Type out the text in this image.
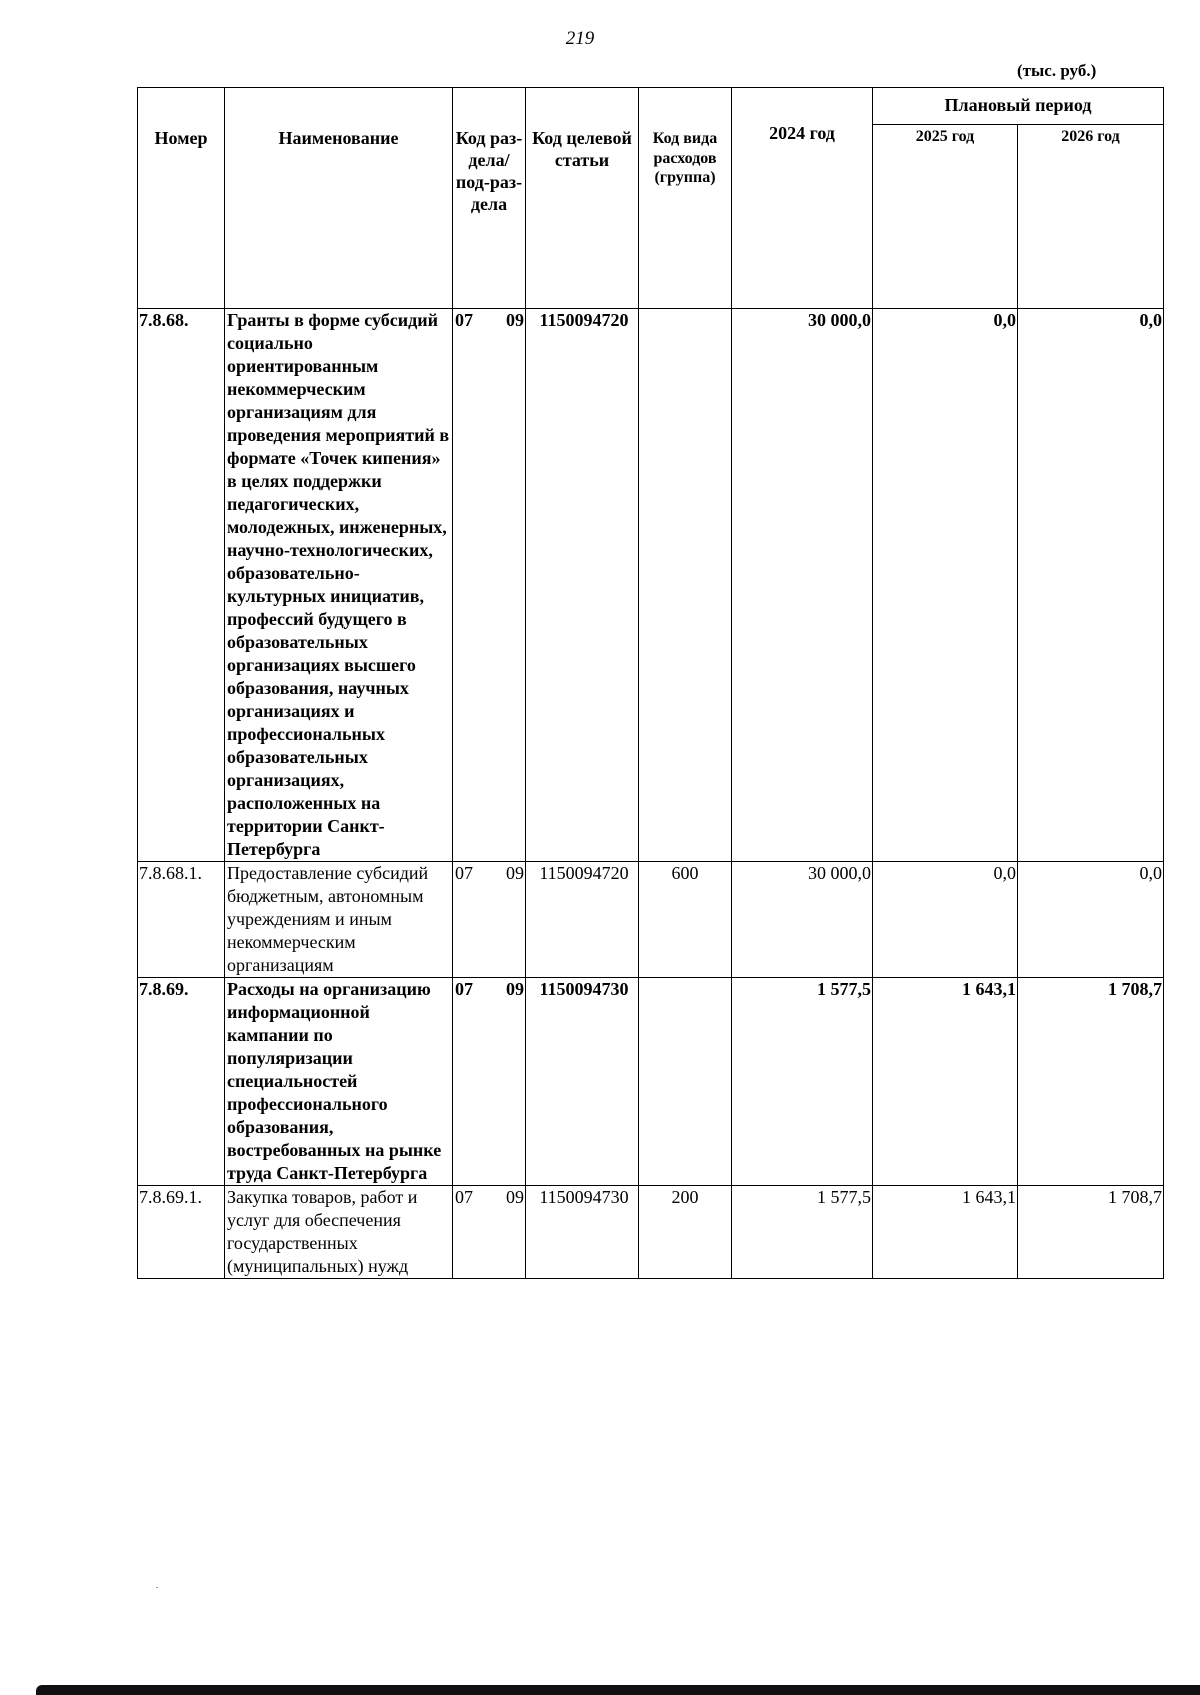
219
(тыс. руб.)
Номер	Наименование	Код раз-дела/ под-раз-дела	Код целевой статьи	Код вида расходов (группа)	2024 год	Плановый период	
						2025 год	2026 год
7.8.68.	Гранты в форме субсидий социально ориентированным некоммерческим организациям для проведения мероприятий в формате «Точек кипения» в целях поддержки педагогических, молодежных, инженерных, научно-технологических, образовательно-культурных инициатив, профессий будущего в образовательных организациях высшего образования, научных организациях и профессиональных образовательных организациях, расположенных на территории Санкт-Петербурга	07 09	1150094720		30 000,0	0,0	0,0
7.8.68.1.	Предоставление субсидий бюджетным, автономным учреждениям и иным некоммерческим организациям	07 09	1150094720	600	30 000,0	0,0	0,0
7.8.69.	Расходы на организацию информационной кампании по популяризации специальностей профессионального образования, востребованных на рынке труда Санкт-Петербурга	07 09	1150094730		1 577,5	1 643,1	1 708,7
7.8.69.1.	Закупка товаров, работ и услуг для обеспечения государственных (муниципальных) нужд	07 09	1150094730	200	1 577,5	1 643,1	1 708,7
